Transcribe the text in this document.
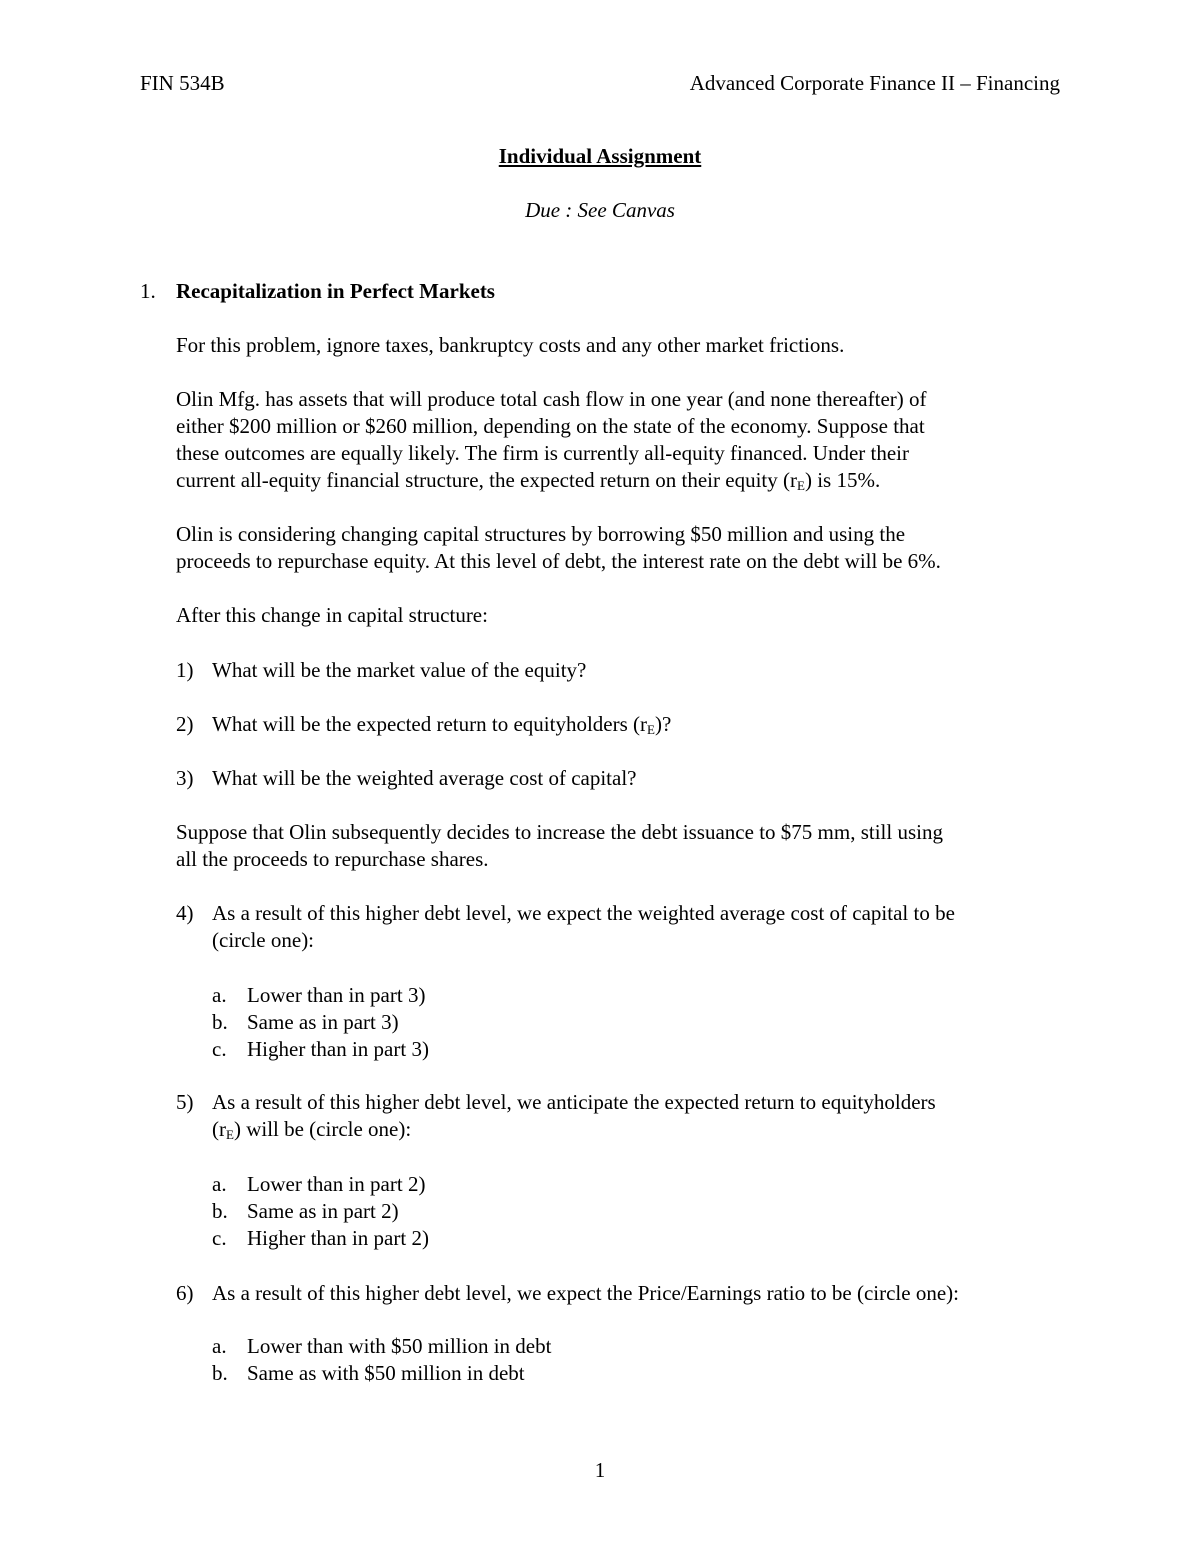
FIN 534B	Advanced Corporate Finance II – Financing
Individual Assignment
Due : See Canvas
1. Recapitalization in Perfect Markets
For this problem, ignore taxes, bankruptcy costs and any other market frictions.
Olin Mfg. has assets that will produce total cash flow in one year (and none thereafter) of
either $200 million or $260 million, depending on the state of the economy. Suppose that
these outcomes are equally likely. The firm is currently all-equity financed. Under their
current all-equity financial structure, the expected return on their equity $(r_E)$ is 15%.
Olin is considering changing capital structures by borrowing $50 million and using the
proceeds to repurchase equity. At this level of debt, the interest rate on the debt will be 6%.
After this change in capital structure:
1) What will be the market value of the equity?
2) What will be the expected return to equityholders $(r_E)$?
3) What will be the weighted average cost of capital?
Suppose that Olin subsequently decides to increase the debt issuance to $75 mm, still using
all the proceeds to repurchase shares.
4) As a result of this higher debt level, we expect the weighted average cost of capital to be
(circle one):
a. Lower than in part 3)
b. Same as in part 3)
c. Higher than in part 3)
5) As a result of this higher debt level, we anticipate the expected return to equityholders
$(r_E)$ will be (circle one):
a. Lower than in part 2)
b. Same as in part 2)
c. Higher than in part 2)
6) As a result of this higher debt level, we expect the Price/Earnings ratio to be (circle one):
a. Lower than with $50 million in debt
b. Same as with $50 million in debt
1
